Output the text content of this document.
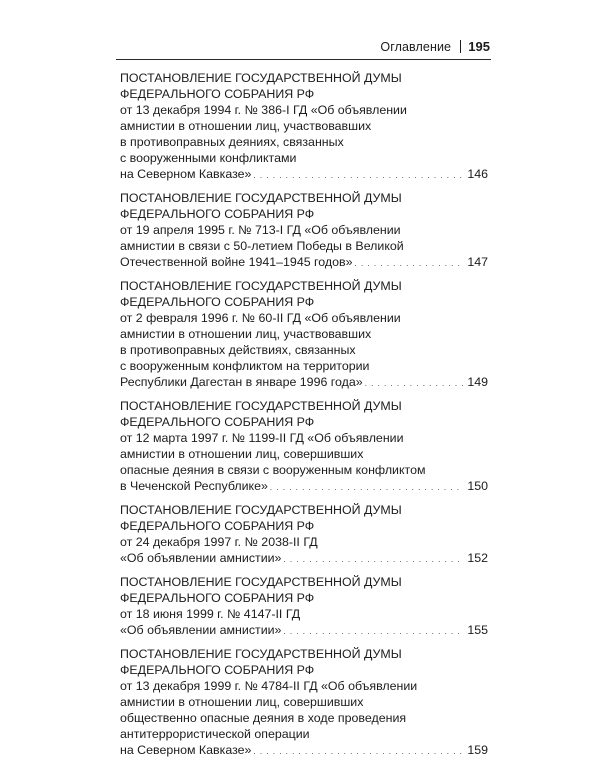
Оглавление 195
ПОСТАНОВЛЕНИЕ ГОСУДАРСТВЕННОЙ ДУМЫ
ФЕДЕРАЛЬНОГО СОБРАНИЯ РФ
от 13 декабря 1994 г. № 386-I ГД «Об объявлении
амнистии в отношении лиц, участвовавших
в противоправных деяниях, связанных
с вооруженными конфликтами
на Северном Кавказе» . . .	146
ПОСТАНОВЛЕНИЕ ГОСУДАРСТВЕННОЙ ДУМЫ
ФЕДЕРАЛЬНОГО СОБРАНИЯ РФ
от 19 апреля 1995 г. № 713-I ГД «Об объявлении
амнистии в связи с 50-летием Победы в Великой
Отечественной войне 1941–1945 годов» . . .	147
ПОСТАНОВЛЕНИЕ ГОСУДАРСТВЕННОЙ ДУМЫ
ФЕДЕРАЛЬНОГО СОБРАНИЯ РФ
от 2 февраля 1996 г. № 60-II ГД «Об объявлении
амнистии в отношении лиц, участвовавших
в противоправных действиях, связанных
с вооруженным конфликтом на территории
Республики Дагестан в январе 1996 года» . . .	149
ПОСТАНОВЛЕНИЕ ГОСУДАРСТВЕННОЙ ДУМЫ
ФЕДЕРАЛЬНОГО СОБРАНИЯ РФ
от 12 марта 1997 г. № 1199-II ГД «Об объявлении
амнистии в отношении лиц, совершивших
опасные деяния в связи с вооруженным конфликтом
в Чеченской Республике» . . .	150
ПОСТАНОВЛЕНИЕ ГОСУДАРСТВЕННОЙ ДУМЫ
ФЕДЕРАЛЬНОГО СОБРАНИЯ РФ
от 24 декабря 1997 г. № 2038-II ГД
«Об объявлении амнистии» . . .	152
ПОСТАНОВЛЕНИЕ ГОСУДАРСТВЕННОЙ ДУМЫ
ФЕДЕРАЛЬНОГО СОБРАНИЯ РФ
от 18 июня 1999 г. № 4147-II ГД
«Об объявлении амнистии» . . .	155
ПОСТАНОВЛЕНИЕ ГОСУДАРСТВЕННОЙ ДУМЫ
ФЕДЕРАЛЬНОГО СОБРАНИЯ РФ
от 13 декабря 1999 г. № 4784-II ГД «Об объявлении
амнистии в отношении лиц, совершивших
общественно опасные деяния в ходе проведения
антитеррористической операции
на Северном Кавказе» . . .	159
